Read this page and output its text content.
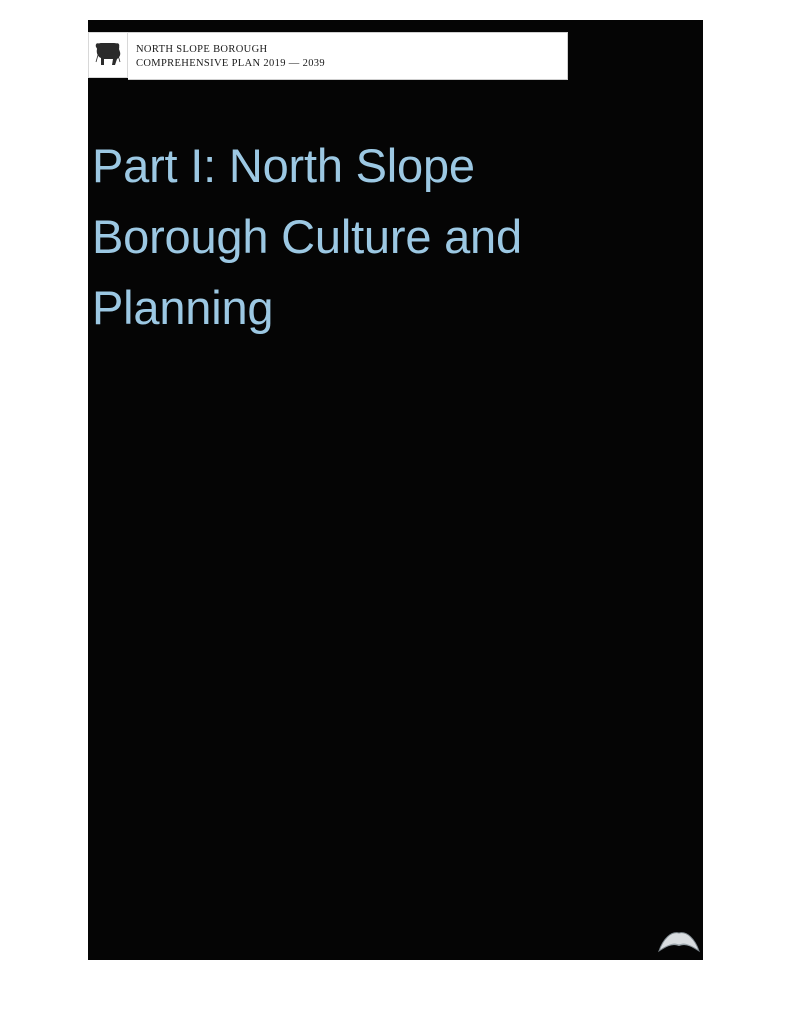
NORTH SLOPE BOROUGH
COMPREHENSIVE PLAN 2019 — 2039
Part I: North Slope Borough Culture and Planning
